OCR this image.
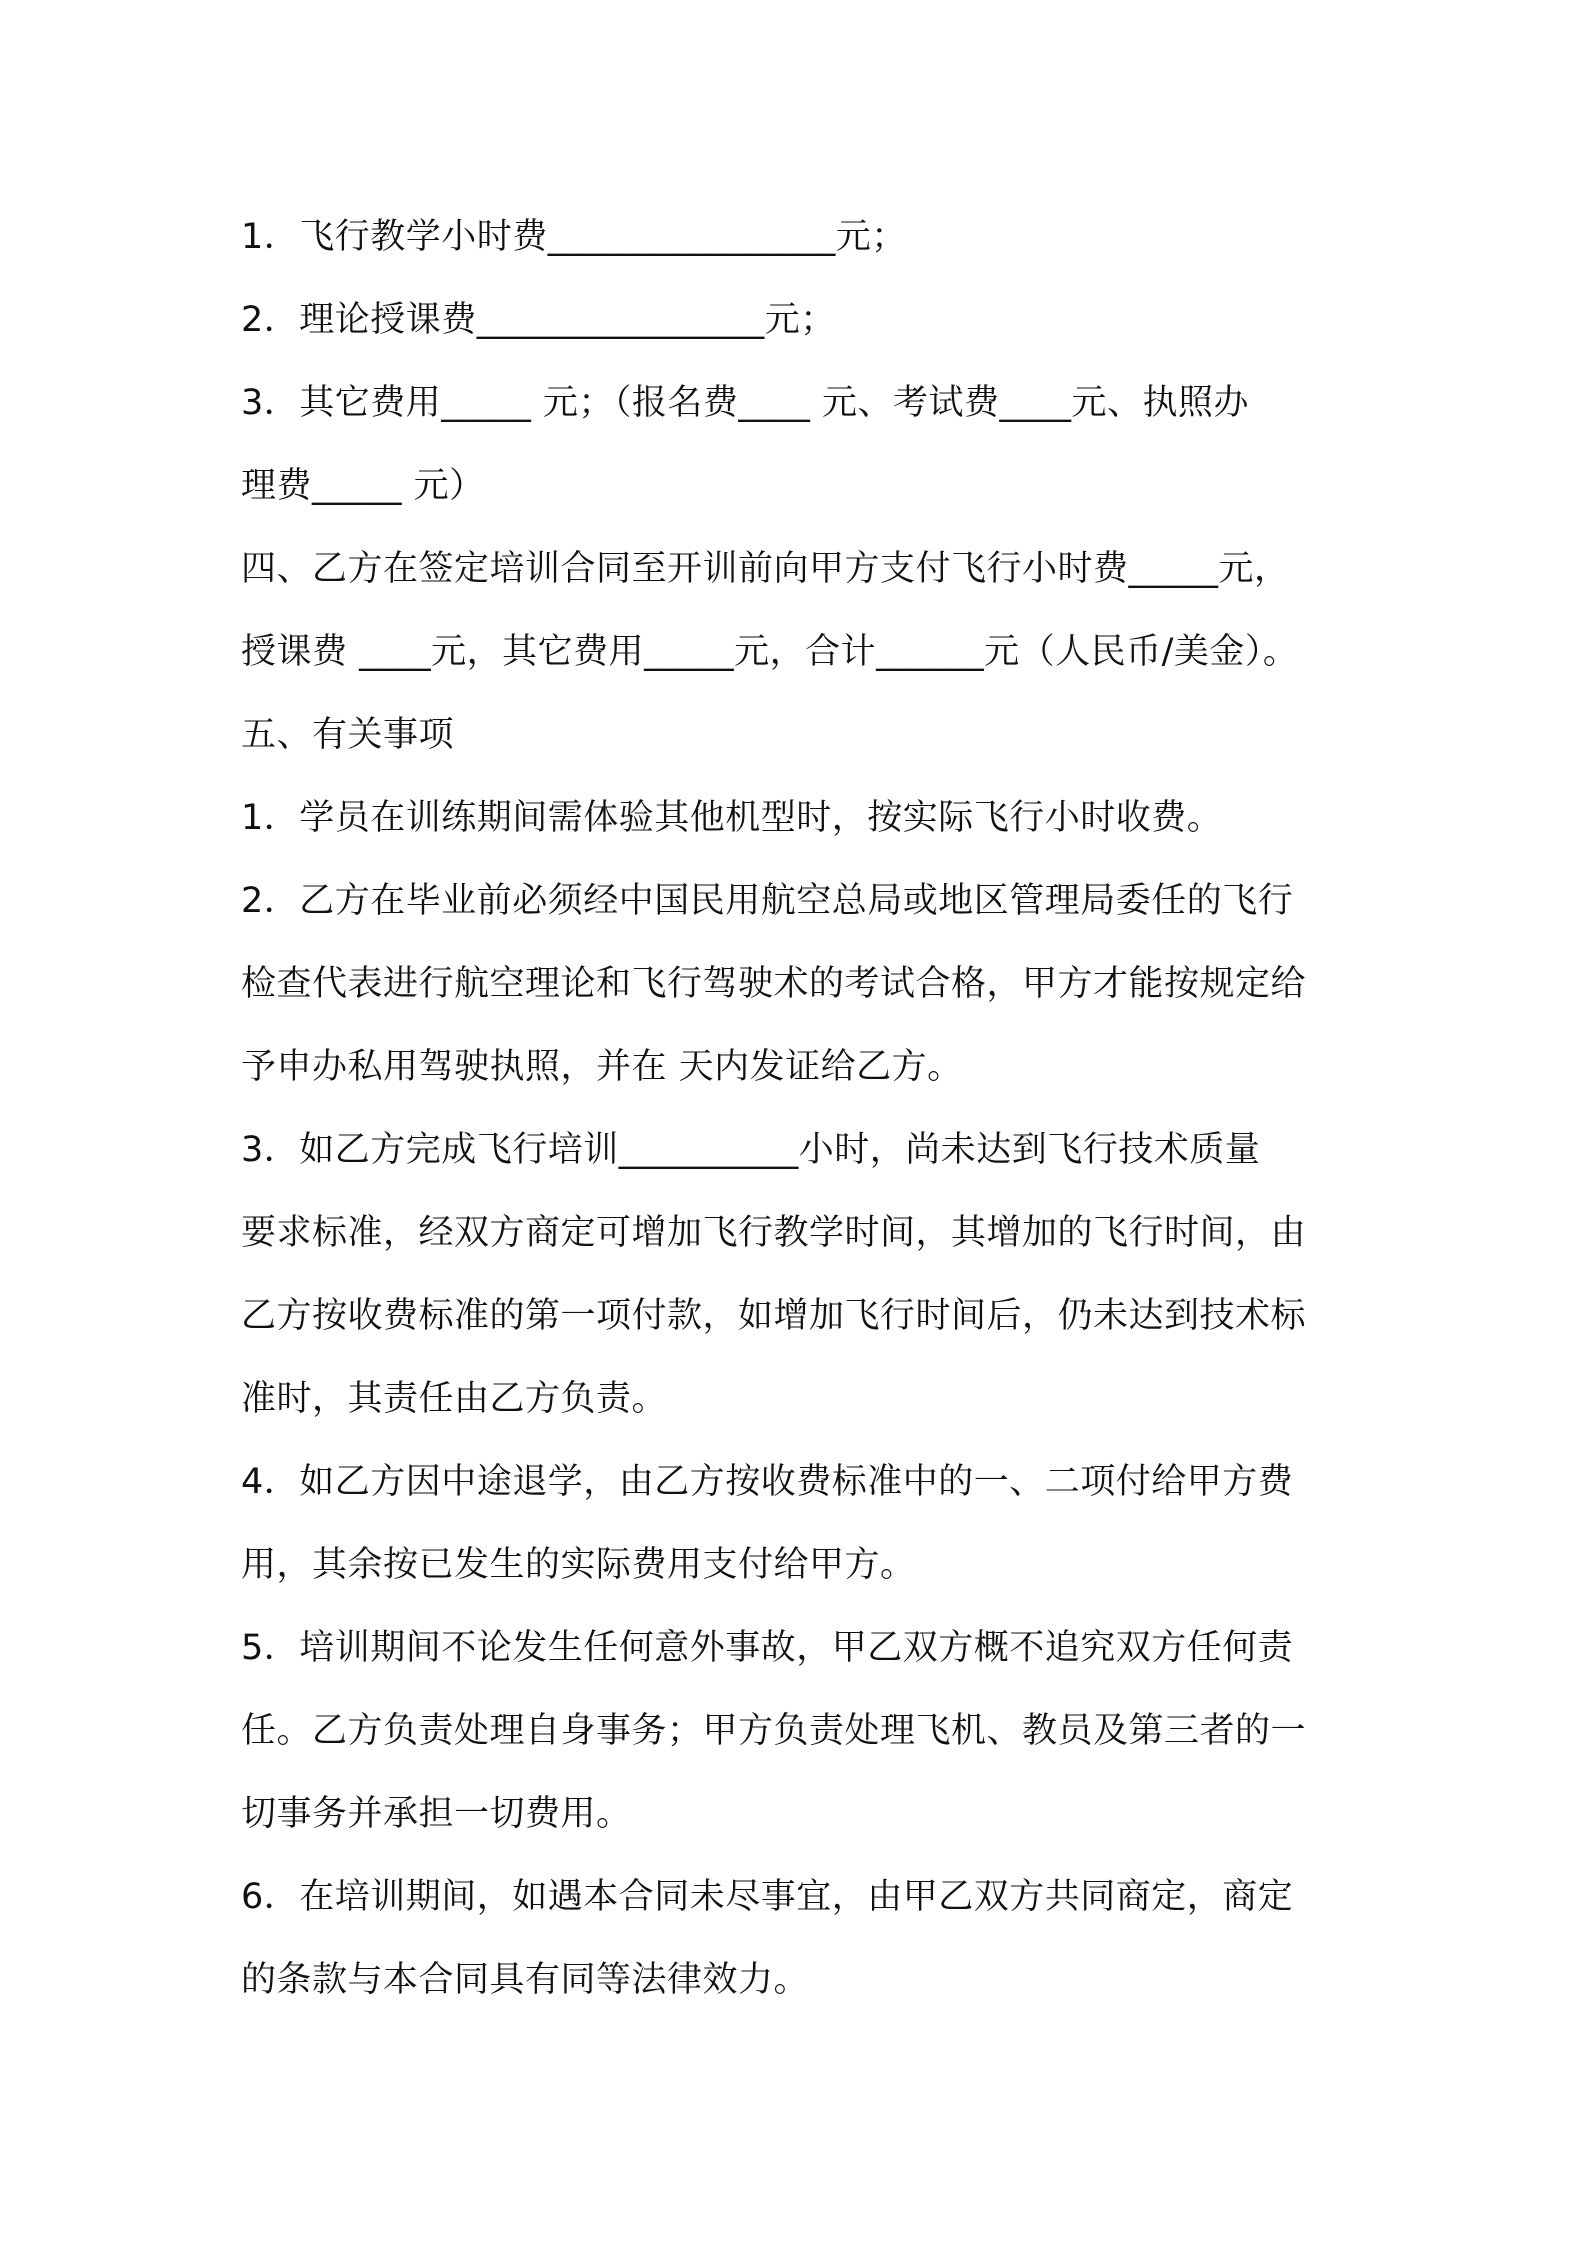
1．飞行教学小时费________________元；
2．理论授课费________________元；
3．其它费用_____ 元；（报名费____ 元、考试费____元、执照办
理费_____ 元）
四、乙方在签定培训合同至开训前向甲方支付飞行小时费_____元，
授课费 ____元，其它费用_____元，合计______元（人民币/美金）。
五、有关事项
1．学员在训练期间需体验其他机型时，按实际飞行小时收费。
2．乙方在毕业前必须经中国民用航空总局或地区管理局委任的飞行
检查代表进行航空理论和飞行驾驶术的考试合格，甲方才能按规定给
予申办私用驾驶执照，并在 天内发证给乙方。
3．如乙方完成飞行培训__________小时，尚未达到飞行技术质量
要求标准，经双方商定可增加飞行教学时间，其增加的飞行时间，由
乙方按收费标准的第一项付款，如增加飞行时间后，仍未达到技术标
准时，其责任由乙方负责。
4．如乙方因中途退学，由乙方按收费标准中的一、二项付给甲方费
用，其余按已发生的实际费用支付给甲方。
5．培训期间不论发生任何意外事故，甲乙双方概不追究双方任何责
任。乙方负责处理自身事务；甲方负责处理飞机、教员及第三者的一
切事务并承担一切费用。
6．在培训期间，如遇本合同未尽事宜，由甲乙双方共同商定，商定
的条款与本合同具有同等法律效力。
